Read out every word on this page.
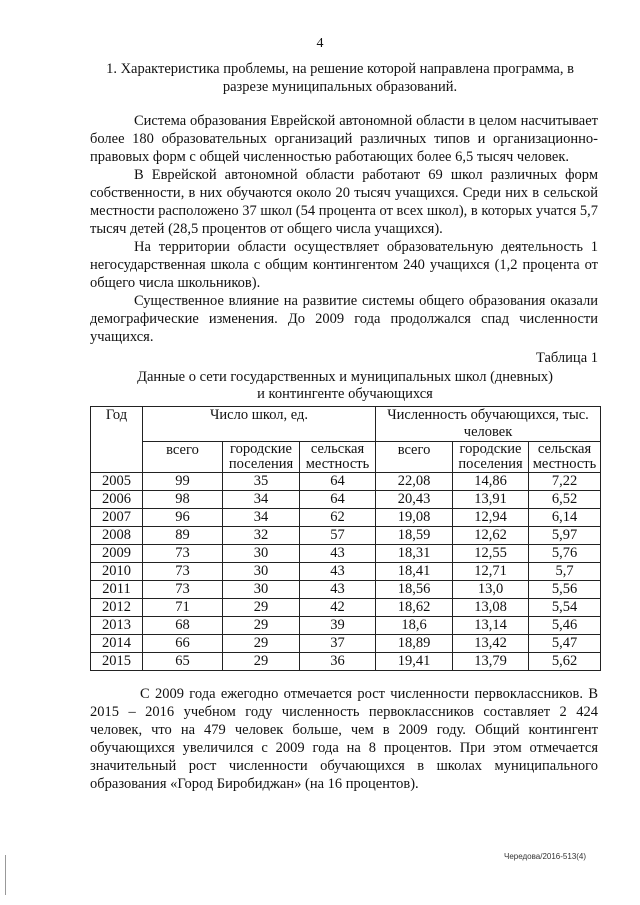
4
1. Характеристика проблемы, на решение которой направлена программа, в разрезе муниципальных образований.

Система образования Еврейской автономной области в целом насчитывает более 180 образовательных организаций различных типов и организационно-правовых форм с общей численностью работающих более 6,5 тысяч человек.

В Еврейской автономной области работают 69 школ различных форм собственности, в них обучаются около 20 тысяч учащихся. Среди них в сельской местности расположено 37 школ (54 процента от всех школ), в которых учатся 5,7 тысяч детей (28,5 процентов от общего числа учащихся).

На территории области осуществляет образовательную деятельность 1 негосударственная школа с общим контингентом 240 учащихся (1,2 процента от общего числа школьников).

Существенное влияние на развитие системы общего образования оказали демографические изменения. До 2009 года продолжался спад численности учащихся.

Таблица 1
Данные о сети государственных и муниципальных школ (дневных)
и контингенте обучающихся
Год	Число школ, ед.			Численность обучающихся, тыс. человек		
	всего	городские поселения	сельская местность	всего	городские поселения	сельская местность
2005	99	35	64	22,08	14,86	7,22
2006	98	34	64	20,43	13,91	6,52
2007	96	34	62	19,08	12,94	6,14
2008	89	32	57	18,59	12,62	5,97
2009	73	30	43	18,31	12,55	5,76
2010	73	30	43	18,41	12,71	5,7
2011	73	30	43	18,56	13,0	5,56
2012	71	29	42	18,62	13,08	5,54
2013	68	29	39	18,6	13,14	5,46
2014	66	29	37	18,89	13,42	5,47
2015	65	29	36	19,41	13,79	5,62

С 2009 года ежегодно отмечается рост численности первоклассников. В 2015 – 2016 учебном году численность первоклассников составляет 2 424 человек, что на 479 человек больше, чем в 2009 году. Общий контингент обучающихся увеличился с 2009 года на 8 процентов. При этом отмечается значительный рост численности обучающихся в школах муниципального образования «Город Биробиджан» (на 16 процентов).

Чередова/2016-513(4)
